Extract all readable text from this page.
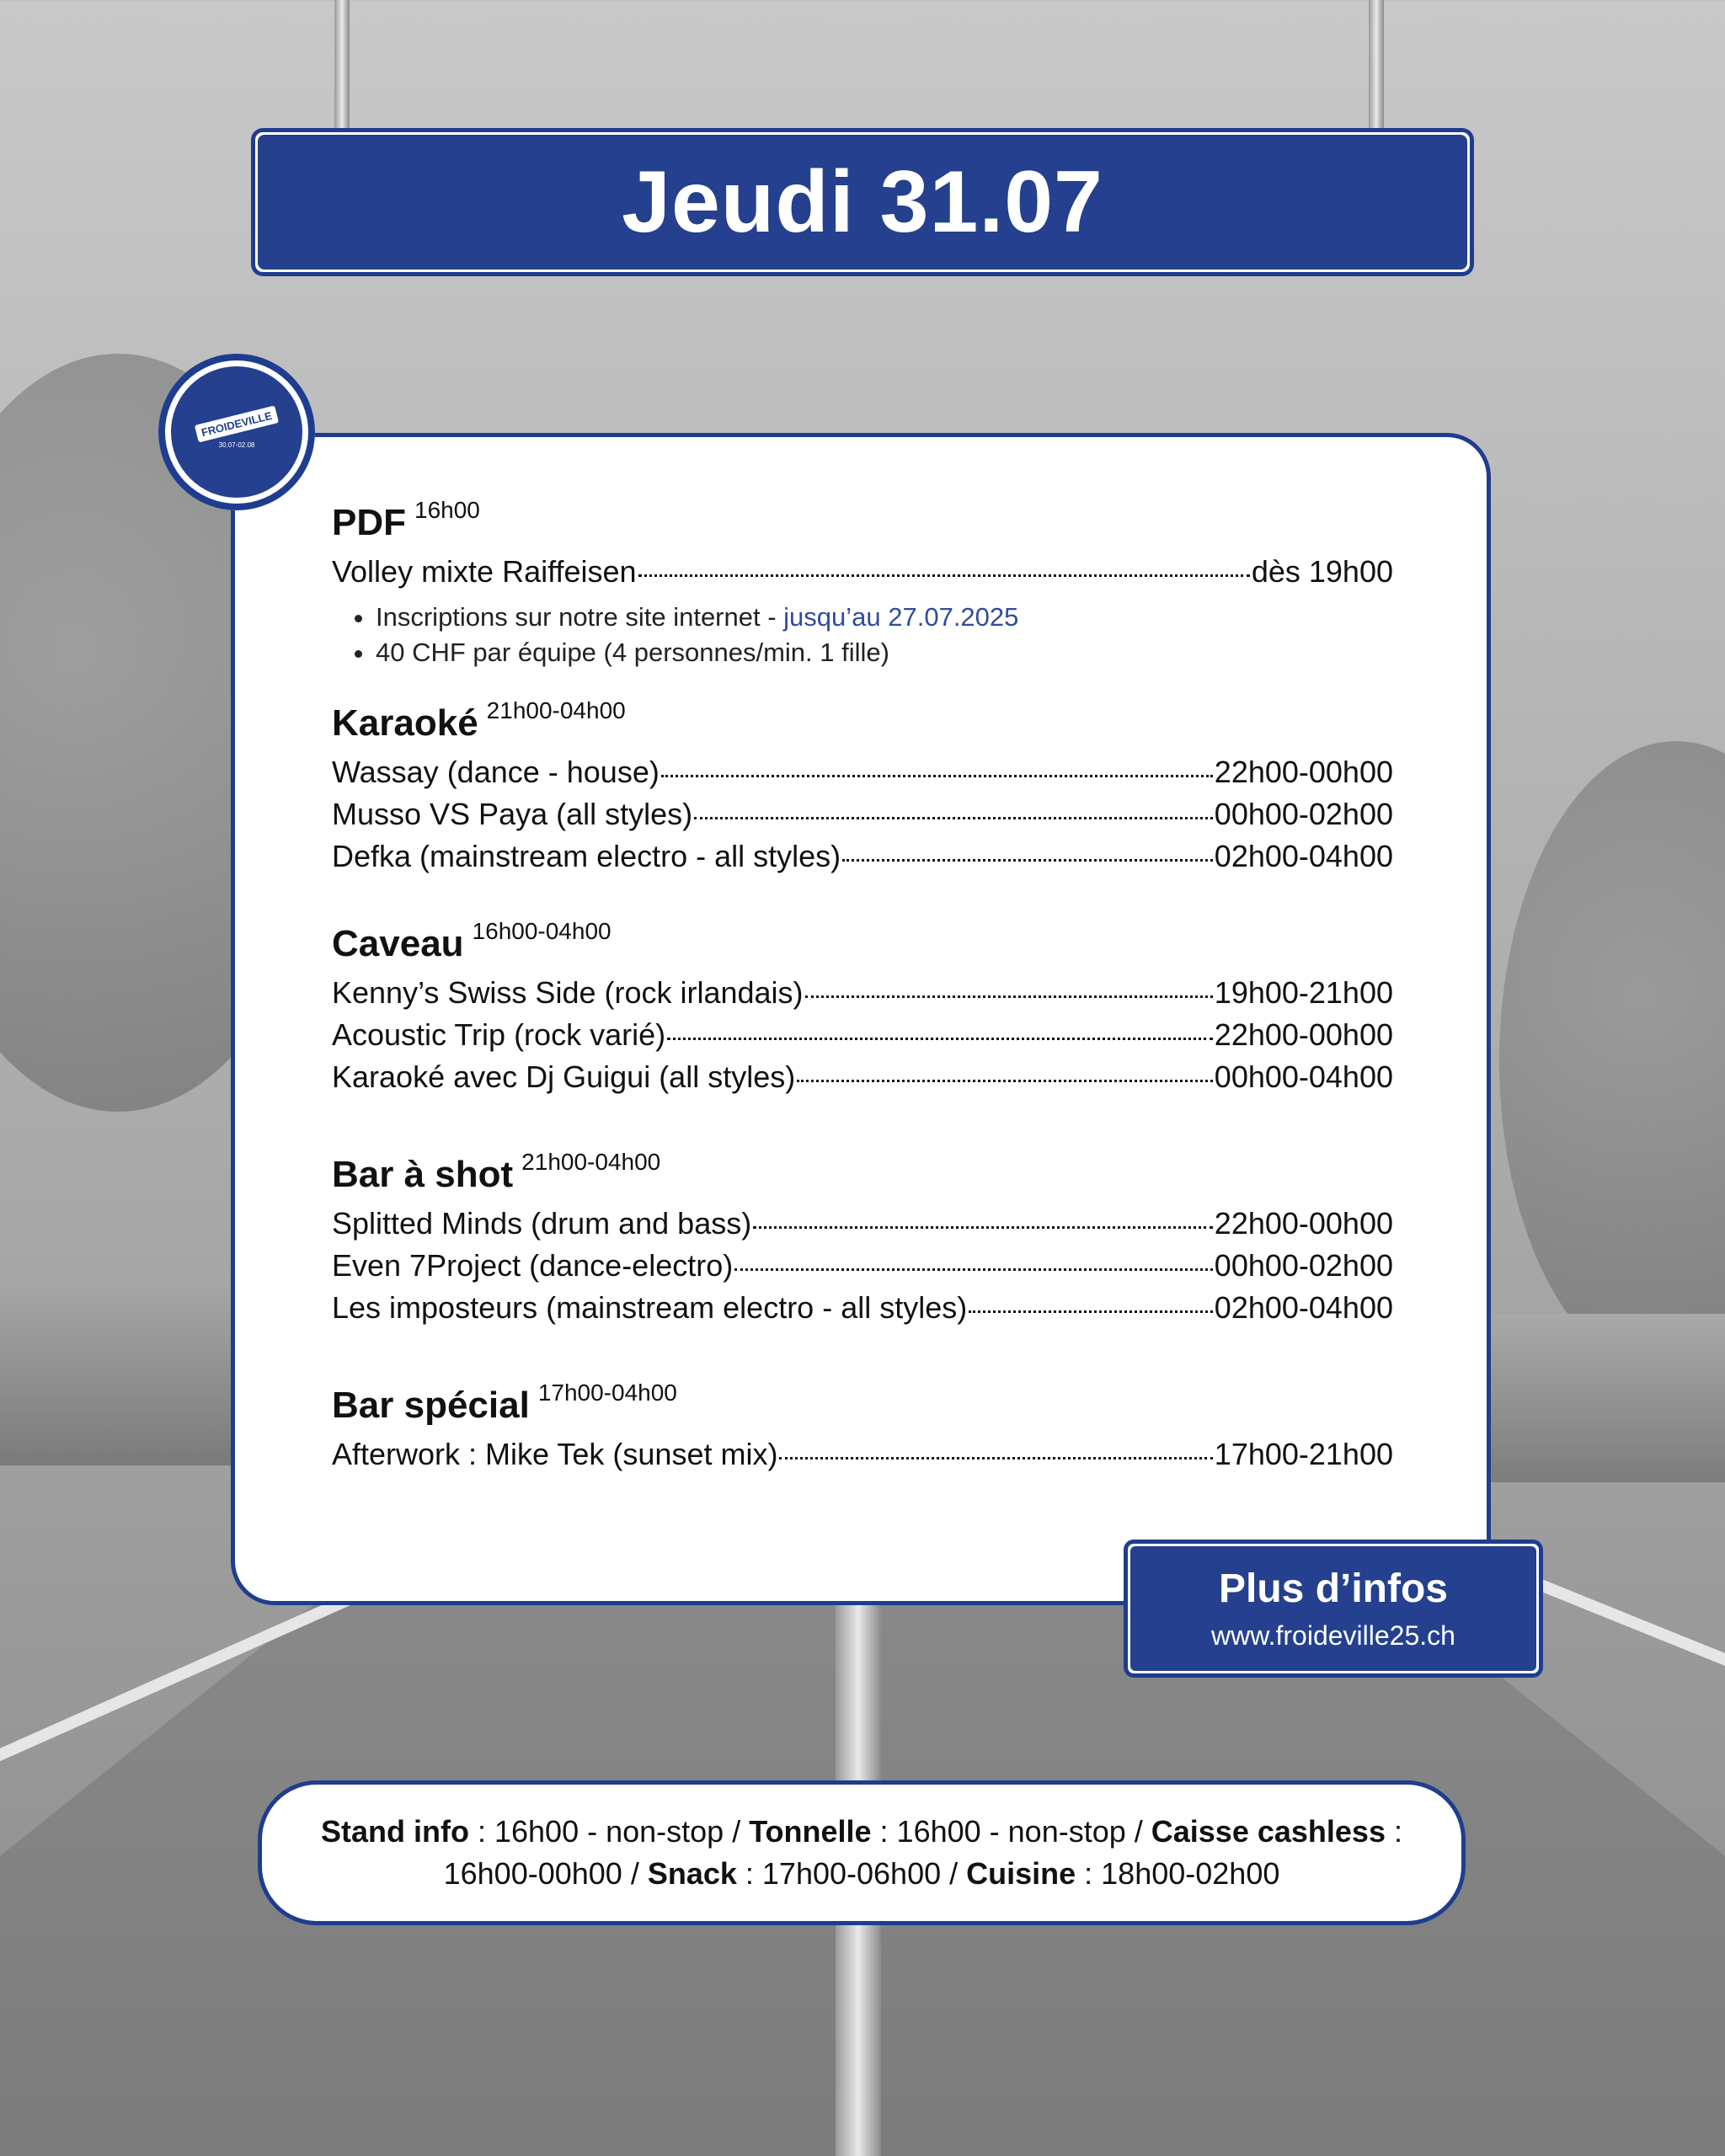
Jeudi 31.07
FROIDEVILLE
30.07-02.08
PDF 16h00
Volley mixte Raiffeisen	dès 19h00
• Inscriptions sur notre site internet - jusqu’au 27.07.2025
• 40 CHF par équipe (4 personnes/min. 1 fille)
Karaoké 21h00-04h00
Wassay (dance - house)	22h00-00h00
Musso VS Paya (all styles)	00h00-02h00
Defka (mainstream electro - all styles)	02h00-04h00
Caveau 16h00-04h00
Kenny’s Swiss Side (rock irlandais)	19h00-21h00
Acoustic Trip (rock varié)	22h00-00h00
Karaoké avec Dj Guigui (all styles)	00h00-04h00
Bar à shot 21h00-04h00
Splitted Minds (drum and bass)	22h00-00h00
Even 7Project (dance-electro)	00h00-02h00
Les imposteurs (mainstream electro - all styles)	02h00-04h00
Bar spécial 17h00-04h00
Afterwork : Mike Tek (sunset mix)	17h00-21h00
Plus d’infos
www.froideville25.ch
Stand info : 16h00 - non-stop / Tonnelle : 16h00 - non-stop / Caisse cashless :
16h00-00h00 / Snack : 17h00-06h00 / Cuisine : 18h00-02h00
